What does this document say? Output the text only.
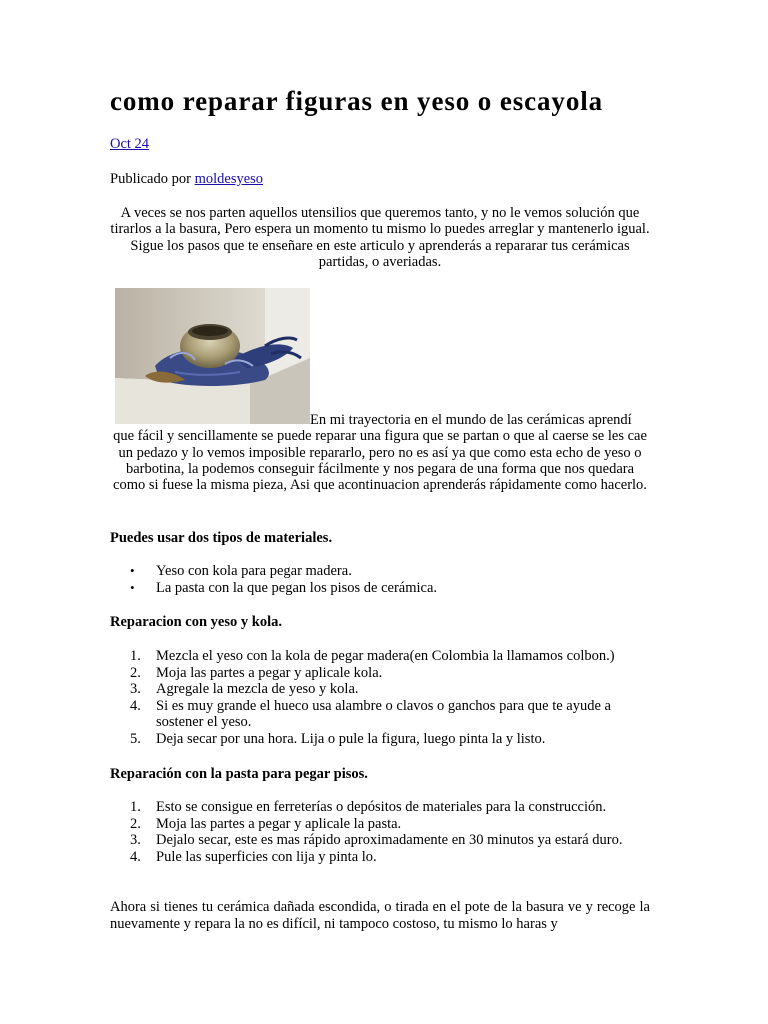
como reparar figuras en yeso o escayola
Oct 24
Publicado por moldesyeso

A veces se nos parten aquellos utensilios que queremos tanto, y no le vemos solución que tirarlos a la basura, Pero espera un momento tu mismo lo puedes arreglar y mantenerlo igual. Sigue los pasos que te enseñare en este articulo y aprenderás a repararar tus cerámicas partidas, o averiadas.

En mi trayectoria en el mundo de las cerámicas aprendí
que fácil y sencillamente se puede reparar una figura que se partan o que al caerse se les cae un pedazo y lo vemos imposible repararlo, pero no es así ya que como esta echo de yeso o barbotina, la podemos conseguir fácilmente y nos pegara de una forma que nos quedara como si fuese la misma pieza, Asi que acontinuacion aprenderás rápidamente como hacerlo.

Puedes usar dos tipos de materiales.
•	Yeso con kola para pegar madera.
•	La pasta con la que pegan los pisos de cerámica.
Reparacion con yeso y kola.
1.	Mezcla el yeso con la kola de pegar madera(en Colombia la llamamos colbon.)
2.	Moja las partes a pegar y aplicale kola.
3.	Agregale la mezcla de yeso y kola.
4.	Si es muy grande el hueco usa alambre o clavos o ganchos para que te ayude a sostener el yeso.
5.	Deja secar por una hora. Lija o pule la figura, luego pinta la y listo.
Reparación con la pasta para pegar pisos.
1.	Esto se consigue en ferreterías o depósitos de materiales para la construcción.
2.	Moja las partes a pegar y aplicale la pasta.
3.	Dejalo secar, este es mas rápido aproximadamente en 30 minutos ya estará duro.
4.	Pule las superficies con lija y pinta lo.

Ahora si tienes tu cerámica dañada escondida, o tirada en el pote de la basura ve y recoge la nuevamente y repara la no es difícil, ni tampoco costoso, tu mismo lo haras y
